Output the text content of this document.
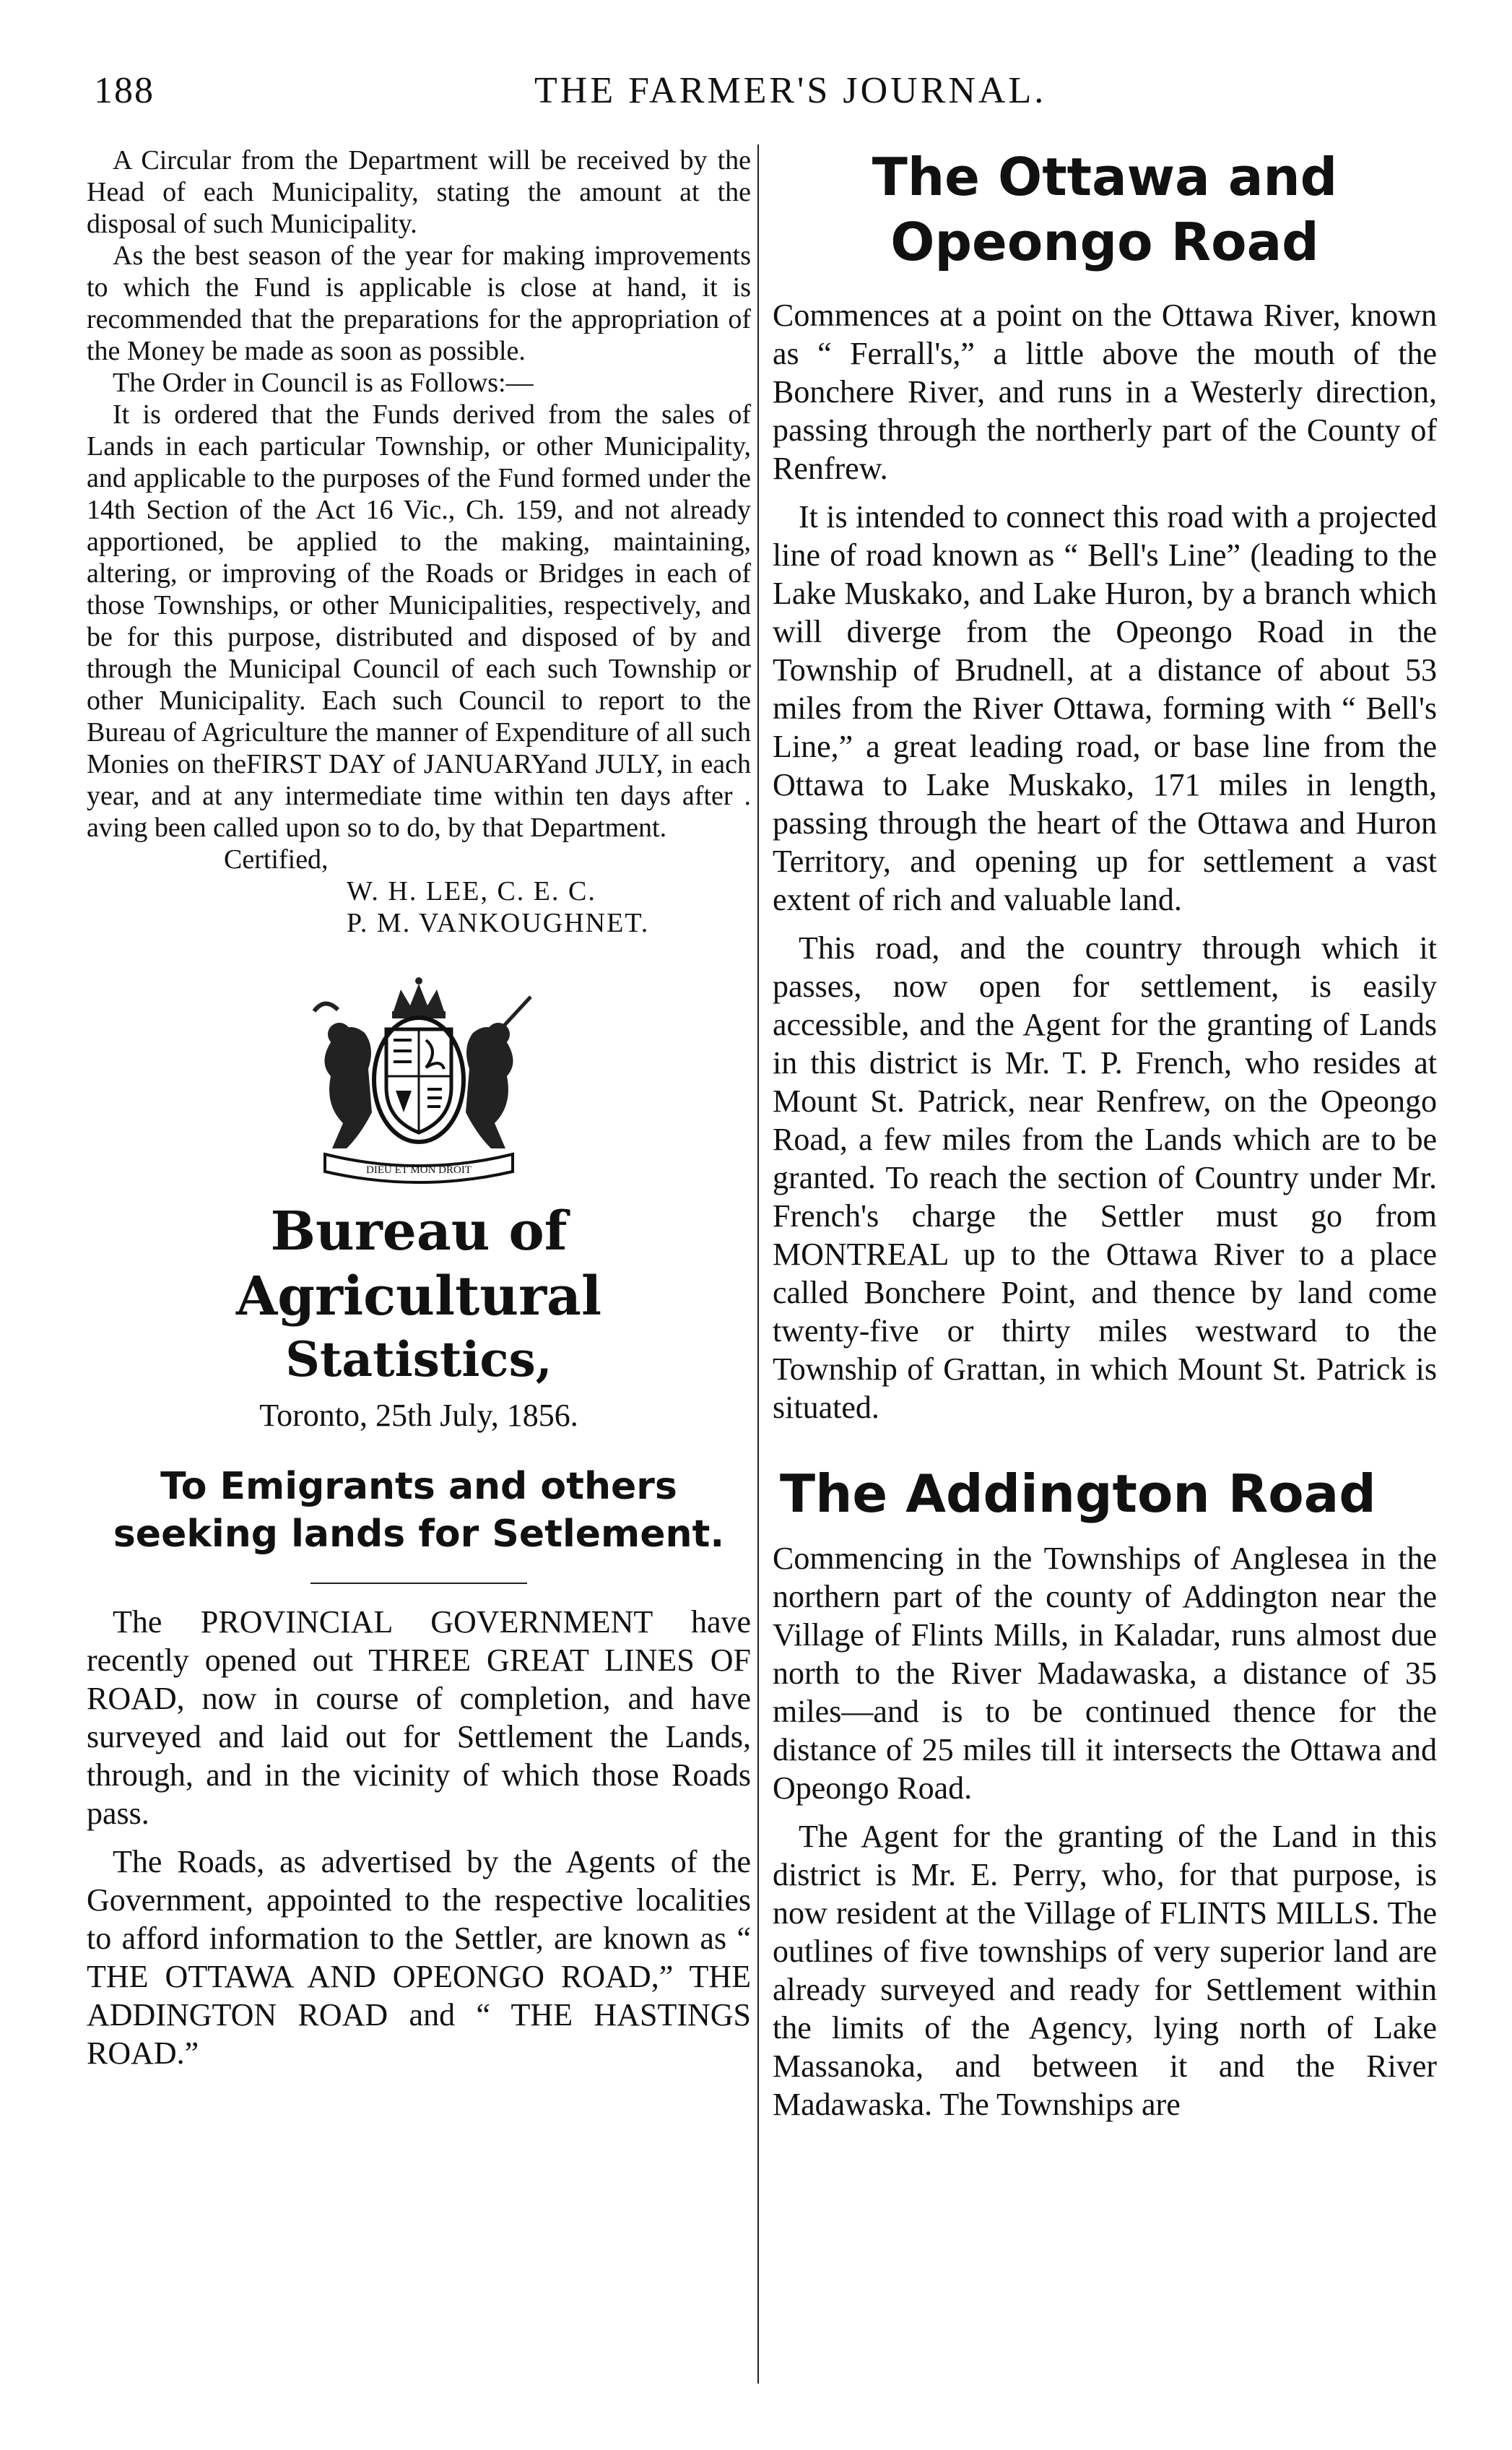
188	THE FARMER'S JOURNAL.

A Circular from the Department will be received by the Head of each Municipality, stating the amount at the disposal of such Municipality.

As the best season of the year for making improvements to which the Fund is applicable is close at hand, it is recommended that the preparations for the appropriation of the Money be made as soon as possible.

The Order in Council is as Follows:—

It is ordered that the Funds derived from the sales of Lands in each particular Township, or other Municipality, and applicable to the purposes of the Fund formed under the 14th Section of the Act 16 Vic., Ch. 159, and not already apportioned, be applied to the making, maintaining, altering, or improving of the Roads or Bridges in each of those Townships, or other Municipalities, respectively, and be for this purpose, distributed and disposed of by and through the Municipal Council of each such Township or other Municipality. Each such Council to report to the Bureau of Agriculture the manner of Expenditure of all such Monies on theFIRST DAY of JANUARYand JULY, in each year, and at any intermediate time within ten days after . aving been called upon so to do, by that Department.

Certified,
W. H. LEE, C. E. C.
P. M. VANKOUGHNET.
DIEU ET MON DROIT
Bureau of Agricultural
Statistics,
Toronto, 25th July, 1856.
To Emigrants and others seeking lands for Setlement.

The PROVINCIAL GOVERNMENT have recently opened out THREE GREAT LINES OF ROAD, now in course of completion, and have surveyed and laid out for Settlement the Lands, through, and in the vicinity of which those Roads pass.

The Roads, as advertised by the Agents of the Government, appointed to the respective localities to afford information to the Settler, are known as “ THE OTTAWA AND OPEONGO ROAD,” THE ADDINGTON ROAD and “ THE HASTINGS ROAD.”

The Ottawa and Opeongo Road

Commences at a point on the Ottawa River, known as “ Ferrall's,” a little above the mouth of the Bonchere River, and runs in a Westerly direction, passing through the northerly part of the County of Renfrew.

It is intended to connect this road with a projected line of road known as “ Bell's Line” (leading to the Lake Muskako, and Lake Huron, by a branch which will diverge from the Opeongo Road in the Township of Brudnell, at a distance of about 53 miles from the River Ottawa, forming with “ Bell's Line,” a great leading road, or base line from the Ottawa to Lake Muskako, 171 miles in length, passing through the heart of the Ottawa and Huron Territory, and opening up for settlement a vast extent of rich and valuable land.

This road, and the country through which it passes, now open for settlement, is easily accessible, and the Agent for the granting of Lands in this district is Mr. T. P. French, who resides at Mount St. Patrick, near Renfrew, on the Opeongo Road, a few miles from the Lands which are to be granted. To reach the section of Country under Mr. French's charge the Settler must go from MONTREAL up to the Ottawa River to a place called Bonchere Point, and thence by land come twenty-five or thirty miles westward to the Township of Grattan, in which Mount St. Patrick is situated.

The Addington Road

Commencing in the Townships of Anglesea in the northern part of the county of Addington near the Village of Flints Mills, in Kaladar, runs almost due north to the River Madawaska, a distance of 35 miles—and is to be continued thence for the distance of 25 miles till it intersects the Ottawa and Opeongo Road.

The Agent for the granting of the Land in this district is Mr. E. Perry, who, for that purpose, is now resident at the Village of FLINTS MILLS. The outlines of five townships of very superior land are already surveyed and ready for Settlement within the limits of the Agency, lying north of Lake Massanoka, and between it and the River Madawaska. The Townships are
